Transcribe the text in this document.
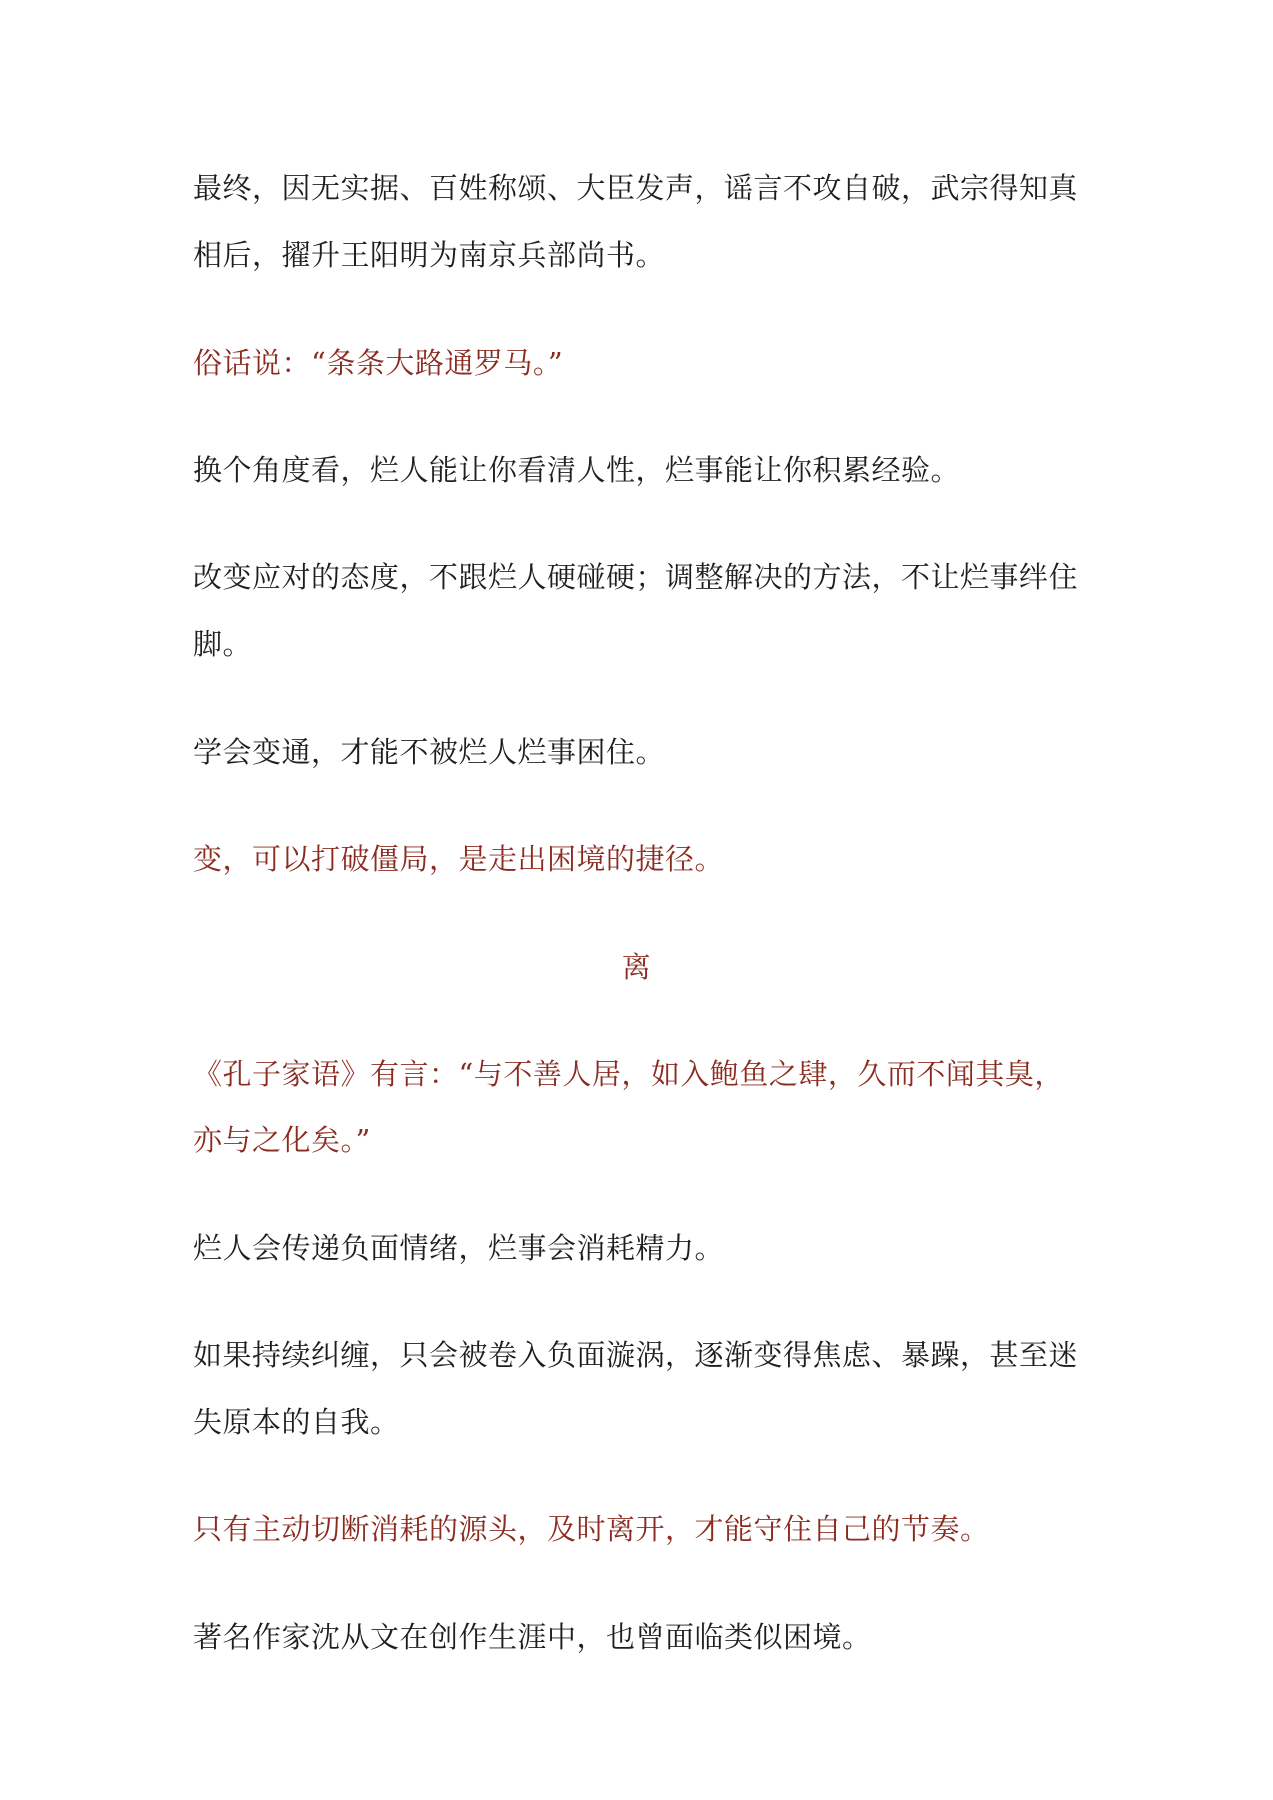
最终，因无实据、百姓称颂、大臣发声，谣言不攻自破，武宗得知真

相后，擢升王阳明为南京兵部尚书。

俗话说：“条条大路通罗马。”

换个角度看，烂人能让你看清人性，烂事能让你积累经验。

改变应对的态度，不跟烂人硬碰硬；调整解决的方法，不让烂事绊住

脚。

学会变通，才能不被烂人烂事困住。

变，可以打破僵局，是走出困境的捷径。

离

《孔子家语》有言：“与不善人居，如入鲍鱼之肆，久而不闻其臭，

亦与之化矣。”

烂人会传递负面情绪，烂事会消耗精力。

如果持续纠缠，只会被卷入负面漩涡，逐渐变得焦虑、暴躁，甚至迷

失原本的自我。

只有主动切断消耗的源头，及时离开，才能守住自己的节奏。

著名作家沈从文在创作生涯中，也曾面临类似困境。
